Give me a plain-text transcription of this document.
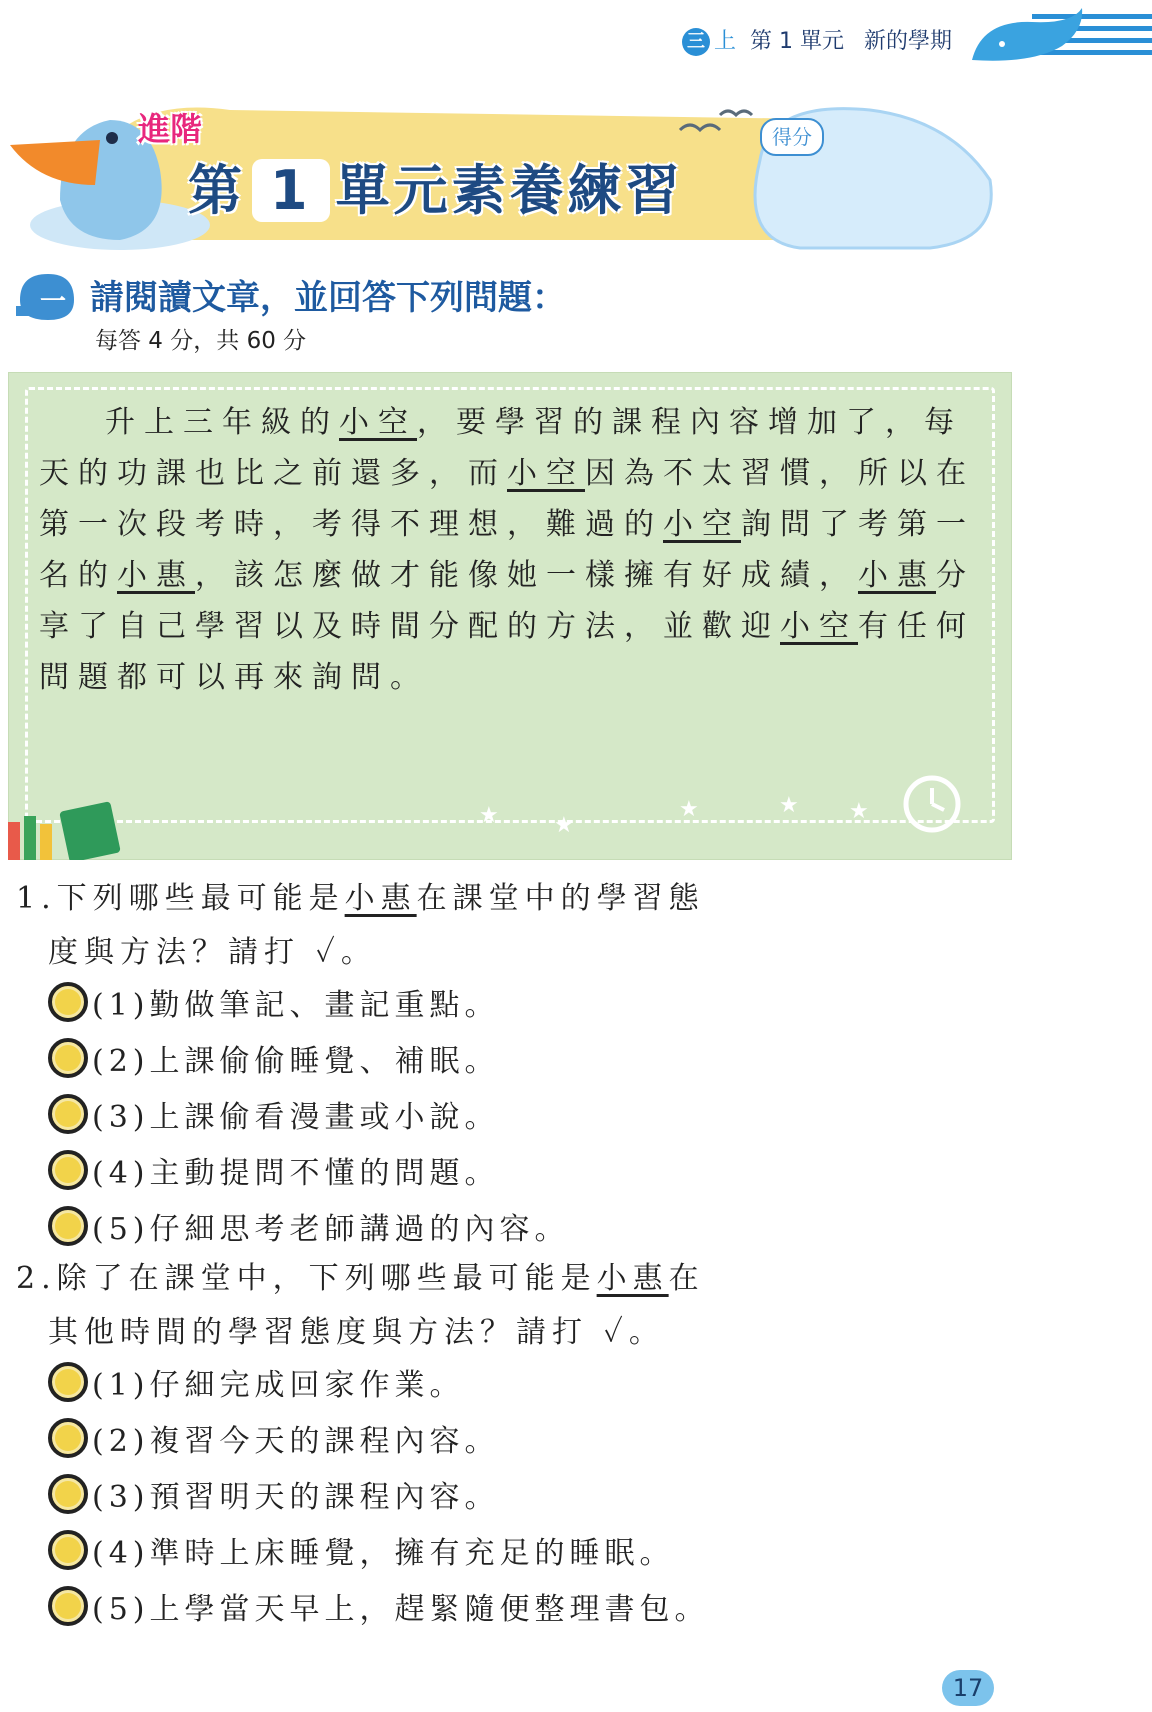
三 上 第 1 單元 新的學期
進階	得分
第 1 單元素養練習
一 請閱讀文章，並回答下列問題：
每答 4 分，共 60 分
升上三年級的小空，要學習的課程內容增加了，每天的功課也比之前還多，而小空因為不太習慣，所以在第一次段考時，考得不理想，難過的小空詢問了考第一名的小惠，該怎麼做才能像她一樣擁有好成績，小惠分享了自己學習以及時間分配的方法，並歡迎小空有任何問題都可以再來詢問。
★	★
★	★ ★
1.下列哪些最可能是小惠在課堂中的學習態
度與方法？請打 ✓。
(1)勤做筆記、畫記重點。
(2)上課偷偷睡覺、補眠。
(3)上課偷看漫畫或小說。
(4)主動提問不懂的問題。
(5)仔細思考老師講過的內容。
2.除了在課堂中，下列哪些最可能是小惠在
其他時間的學習態度與方法？請打 ✓。
(1)仔細完成回家作業。
(2)複習今天的課程內容。
(3)預習明天的課程內容。
(4)準時上床睡覺，擁有充足的睡眠。
(5)上學當天早上，趕緊隨便整理書包。
17
